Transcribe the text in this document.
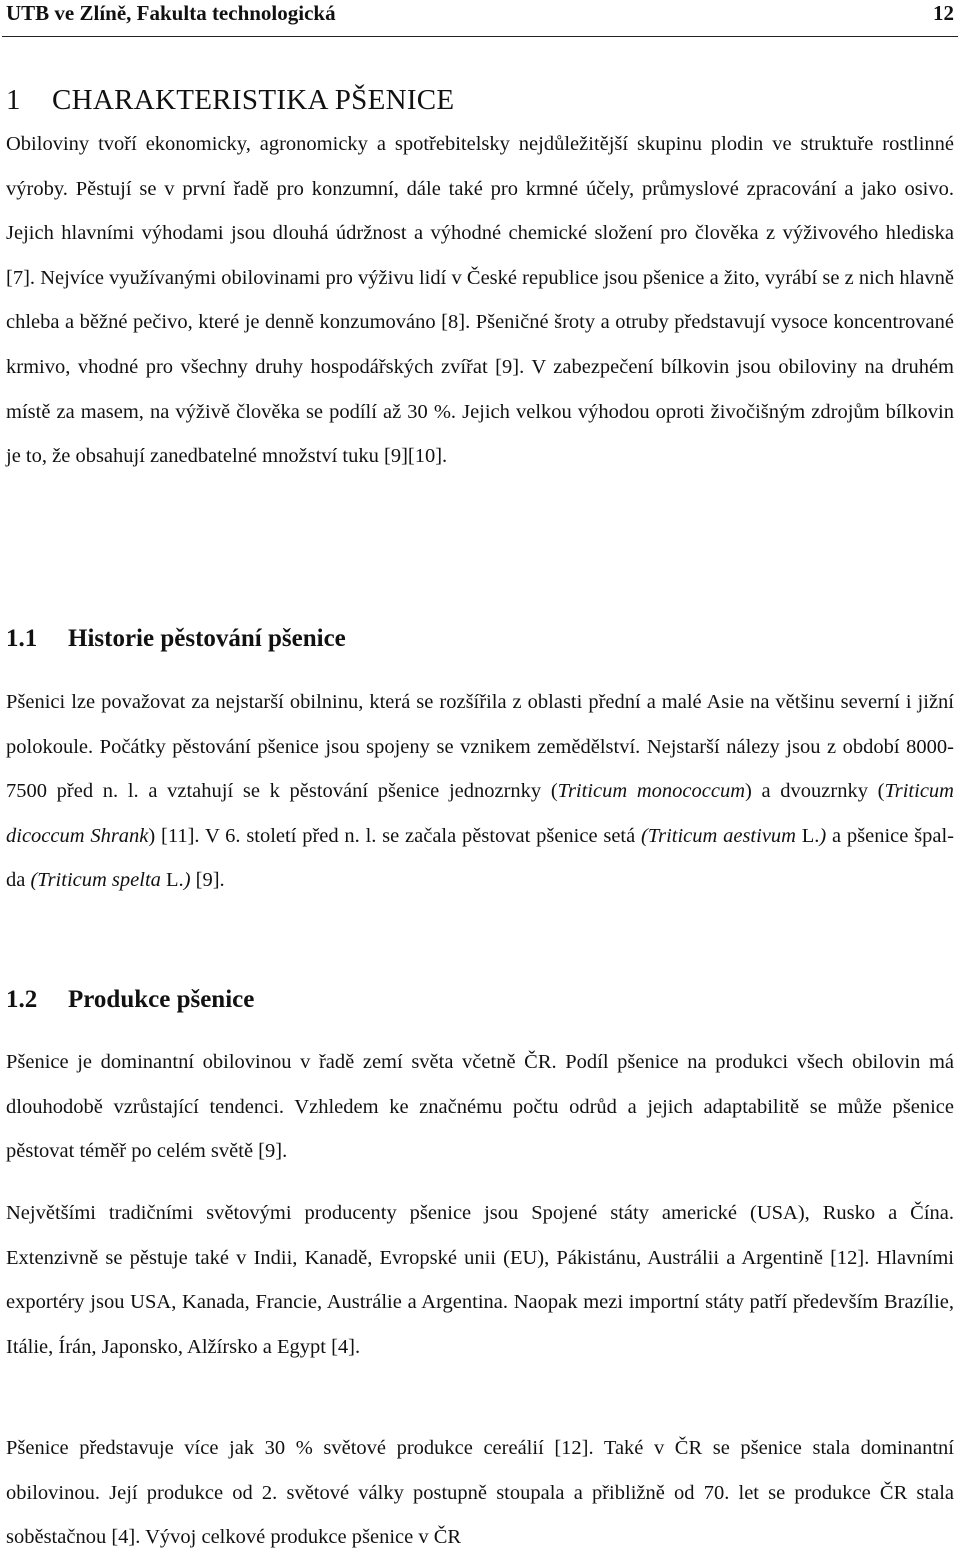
UTB ve Zlíně, Fakulta technologická	12
1 CHARAKTERISTIKA PŠENICE

Obiloviny tvoří ekonomicky, agronomicky a spotřebitelsky nejdůležitější skupinu plodin ve struktuře rostlinné výroby. Pěstují se v první řadě pro konzumní, dále také pro krmné účely, průmyslové zpracování a jako osivo. Jejich hlavními výhodami jsou dlouhá údržnost a výhodné chemické složení pro člověka z výživového hlediska [7]. Nejvíce využívanými obilovinami pro výživu lidí v České republice jsou pšenice a žito, vyrábí se z nich hlavně chleba a běžné pečivo, které je denně konzumováno [8]. Pšeničné šroty a otruby představují vysoce koncentrované krmivo, vhodné pro všechny druhy hospodářských zvířat [9]. V zabezpečení bílkovin jsou obiloviny na druhém místě za masem, na výživě člověka se podílí až 30 %. Jejich velkou výhodou oproti živočišným zdrojům bílkovin je to, že obsahují zanedbatelné množství tuku [9][10].

1.1 Historie pěstování pšenice

Pšenici lze považovat za nejstarší obilninu, která se rozšířila z oblasti přední a malé Asie na většinu severní i jižní polokoule. Počátky pěstování pšenice jsou spojeny se vznikem zemědělství. Nejstarší nálezy jsou z období 8000-7500 před n. l. a vztahují se k pěstování pšenice jednozrnky (Triticum monococcum) a dvouzrnky (Triticum dicoccum Shrank) [11]. V 6. století před n. l. se začala pěstovat pšenice setá (Triticum aestivum L.) a pšenice špalda (Triticum spelta L.) [9].

1.2 Produkce pšenice

Pšenice je dominantní obilovinou v řadě zemí světa včetně ČR. Podíl pšenice na produkci všech obilovin má dlouhodobě vzrůstající tendenci. Vzhledem ke značnému počtu odrůd a jejich adaptabilitě se může pšenice pěstovat téměř po celém světě [9].

Největšími tradičními světovými producenty pšenice jsou Spojené státy americké (USA), Rusko a Čína. Extenzivně se pěstuje také v Indii, Kanadě, Evropské unii (EU), Pákistánu, Austrálii a Argentině [12]. Hlavními exportéry jsou USA, Kanada, Francie, Austrálie a Argentina. Naopak mezi importní státy patří především Brazílie, Itálie, Írán, Japonsko, Alžírsko a Egypt [4].

Pšenice představuje více jak 30 % světové produkce cereálií [12]. Také v ČR se pšenice stala dominantní obilovinou. Její produkce od 2. světové války postupně stoupala a přibližně od 70. let se produkce ČR stala soběstačnou [4]. Vývoj celkové produkce pšenice v ČR
